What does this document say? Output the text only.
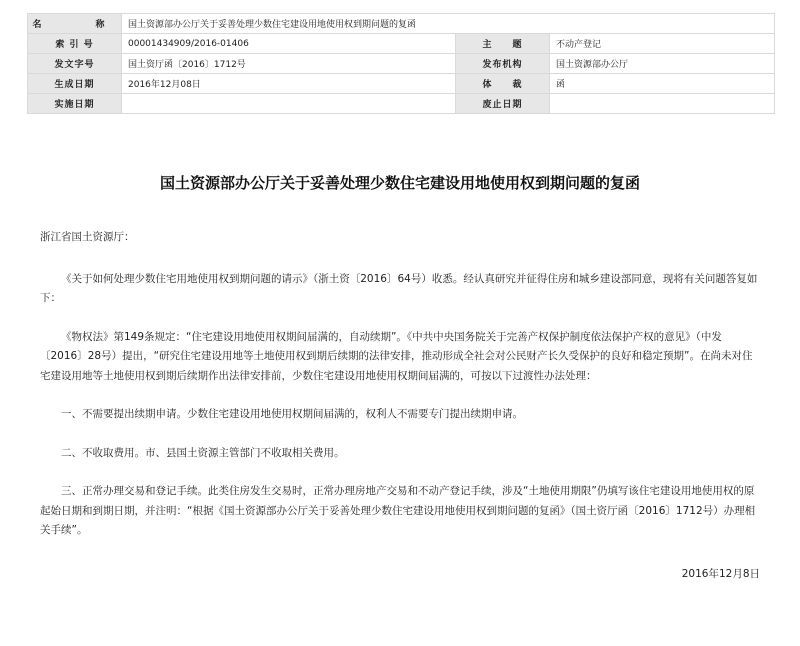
名　　称	国土资源部办公厅关于妥善处理少数住宅建设用地使用权到期问题的复函		
索 引 号	00001434909/2016-01406	主　　题	不动产登记
发文字号	国土资厅函〔2016〕1712号	发布机构	国土资源部办公厅
生成日期	2016年12月08日	体　　裁	函
实施日期		废止日期	
国土资源部办公厅关于妥善处理少数住宅建设用地使用权到期问题的复函

浙江省国土资源厅：

《关于如何处理少数住宅用地使用权到期问题的请示》（浙土资〔2016〕64号）收悉。经认真研究并征得住房和城乡建设部同意，现将有关问题答复如下：

《物权法》第149条规定：“住宅建设用地使用权期间届满的，自动续期”。《中共中央国务院关于完善产权保护制度依法保护产权的意见》（中发〔2016〕28号）提出，“研究住宅建设用地等土地使用权到期后续期的法律安排，推动形成全社会对公民财产长久受保护的良好和稳定预期”。在尚未对住宅建设用地等土地使用权到期后续期作出法律安排前，少数住宅建设用地使用权期间届满的，可按以下过渡性办法处理：

一、不需要提出续期申请。少数住宅建设用地使用权期间届满的，权利人不需要专门提出续期申请。

二、不收取费用。市、县国土资源主管部门不收取相关费用。

三、正常办理交易和登记手续。此类住房发生交易时，正常办理房地产交易和不动产登记手续，涉及“土地使用期限”仍填写该住宅建设用地使用权的原起始日期和到期日期，并注明：“根据《国土资源部办公厅关于妥善处理少数住宅建设用地使用权到期问题的复函》（国土资厅函〔2016〕1712号）办理相关手续”。

2016年12月8日
